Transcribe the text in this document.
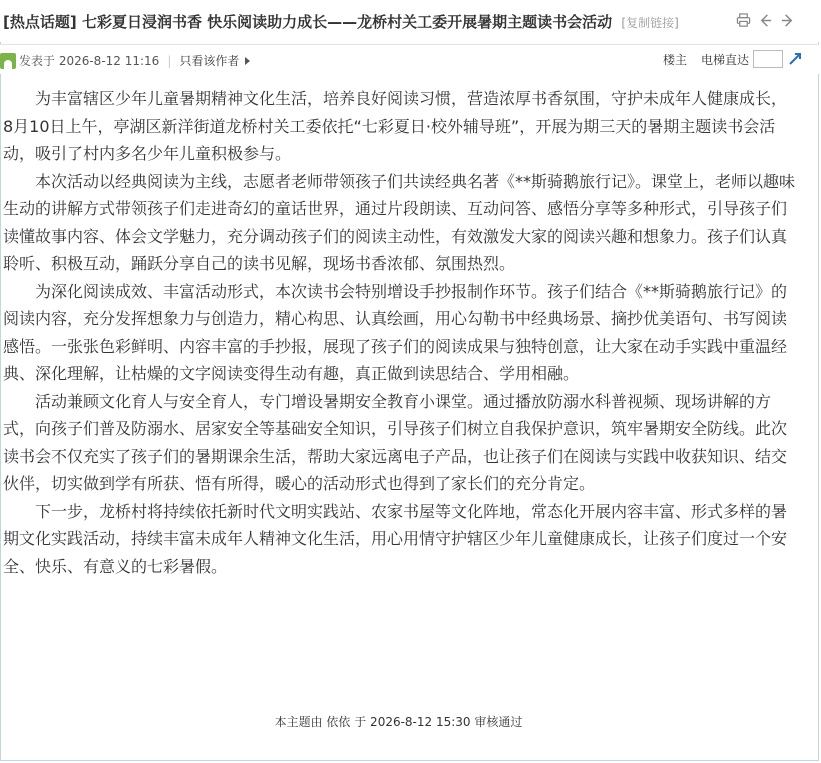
[热点话题] 七彩夏日浸润书香 快乐阅读助力成长——龙桥村关工委开展暑期主题读书会活动 [复制链接]
发表于 2026-8-12 11:16 | 只看该作者	楼主 电梯直达

为丰富辖区少年儿童暑期精神文化生活，培养良好阅读习惯，营造浓厚书香氛围，守护未成年人健康成长，8月10日上午，亭湖区新洋街道龙桥村关工委依托“七彩夏日·校外辅导班”，开展为期三天的暑期主题读书会活动，吸引了村内多名少年儿童积极参与。

本次活动以经典阅读为主线，志愿者老师带领孩子们共读经典名著《**斯骑鹅旅行记》。课堂上，老师以趣味生动的讲解方式带领孩子们走进奇幻的童话世界，通过片段朗读、互动问答、感悟分享等多种形式，引导孩子们读懂故事内容、体会文学魅力，充分调动孩子们的阅读主动性，有效激发大家的阅读兴趣和想象力。孩子们认真聆听、积极互动，踊跃分享自己的读书见解，现场书香浓郁、氛围热烈。

为深化阅读成效、丰富活动形式，本次读书会特别增设手抄报制作环节。孩子们结合《**斯骑鹅旅行记》的阅读内容，充分发挥想象力与创造力，精心构思、认真绘画，用心勾勒书中经典场景、摘抄优美语句、书写阅读感悟。一张张色彩鲜明、内容丰富的手抄报，展现了孩子们的阅读成果与独特创意，让大家在动手实践中重温经典、深化理解，让枯燥的文字阅读变得生动有趣，真正做到读思结合、学用相融。

活动兼顾文化育人与安全育人，专门增设暑期安全教育小课堂。通过播放防溺水科普视频、现场讲解的方式，向孩子们普及防溺水、居家安全等基础安全知识，引导孩子们树立自我保护意识，筑牢暑期安全防线。此次读书会不仅充实了孩子们的暑期课余生活，帮助大家远离电子产品，也让孩子们在阅读与实践中收获知识、结交伙伴，切实做到学有所获、悟有所得，暖心的活动形式也得到了家长们的充分肯定。

下一步，龙桥村将持续依托新时代文明实践站、农家书屋等文化阵地，常态化开展内容丰富、形式多样的暑期文化实践活动，持续丰富未成年人精神文化生活，用心用情守护辖区少年儿童健康成长，让孩子们度过一个安全、快乐、有意义的七彩暑假。

本主题由 依依 于 2026-8-12 15:30 审核通过
